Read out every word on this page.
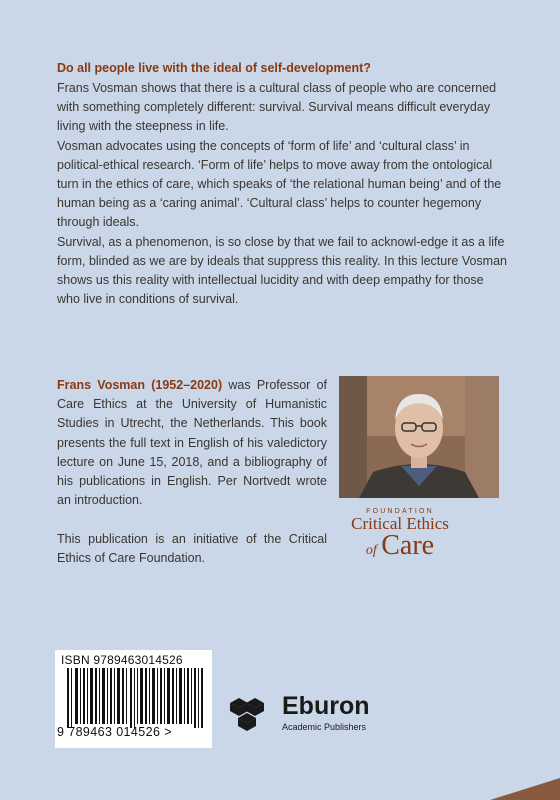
Do all people live with the ideal of self-development?

Frans Vosman shows that there is a cultural class of people who are concerned with something completely different: survival. Survival means difficult everyday living with the steepness in life.

Vosman advocates using the concepts of ‘form of life’ and ‘cultural class’ in political-ethical research. ‘Form of life’ helps to move away from the ontological turn in the ethics of care, which speaks of ‘the relational human being’ and of the human being as a ‘caring animal’. ‘Cultural class’ helps to counter hegemony through ideals.

Survival, as a phenomenon, is so close by that we fail to acknowl-edge it as a life form, blinded as we are by ideals that suppress this reality. In this lecture Vosman shows us this reality with intellectual lucidity and with deep empathy for those who live in conditions of survival.

Frans Vosman (1952–2020) was Professor of Care Ethics at the University of Humanistic Studies in Utrecht, the Netherlands. This book presents the full text in English of his valedictory lecture on June 15, 2018, and a bibliography of his publications in English. Per Nortvedt wrote an introduction.

This publication is an initiative of the Critical Ethics of Care Foundation.

FOUNDATION
Critical Ethics
of Care
ISBN 9789463014526
9 789463 014526 >
Eburon
Academic Publishers
